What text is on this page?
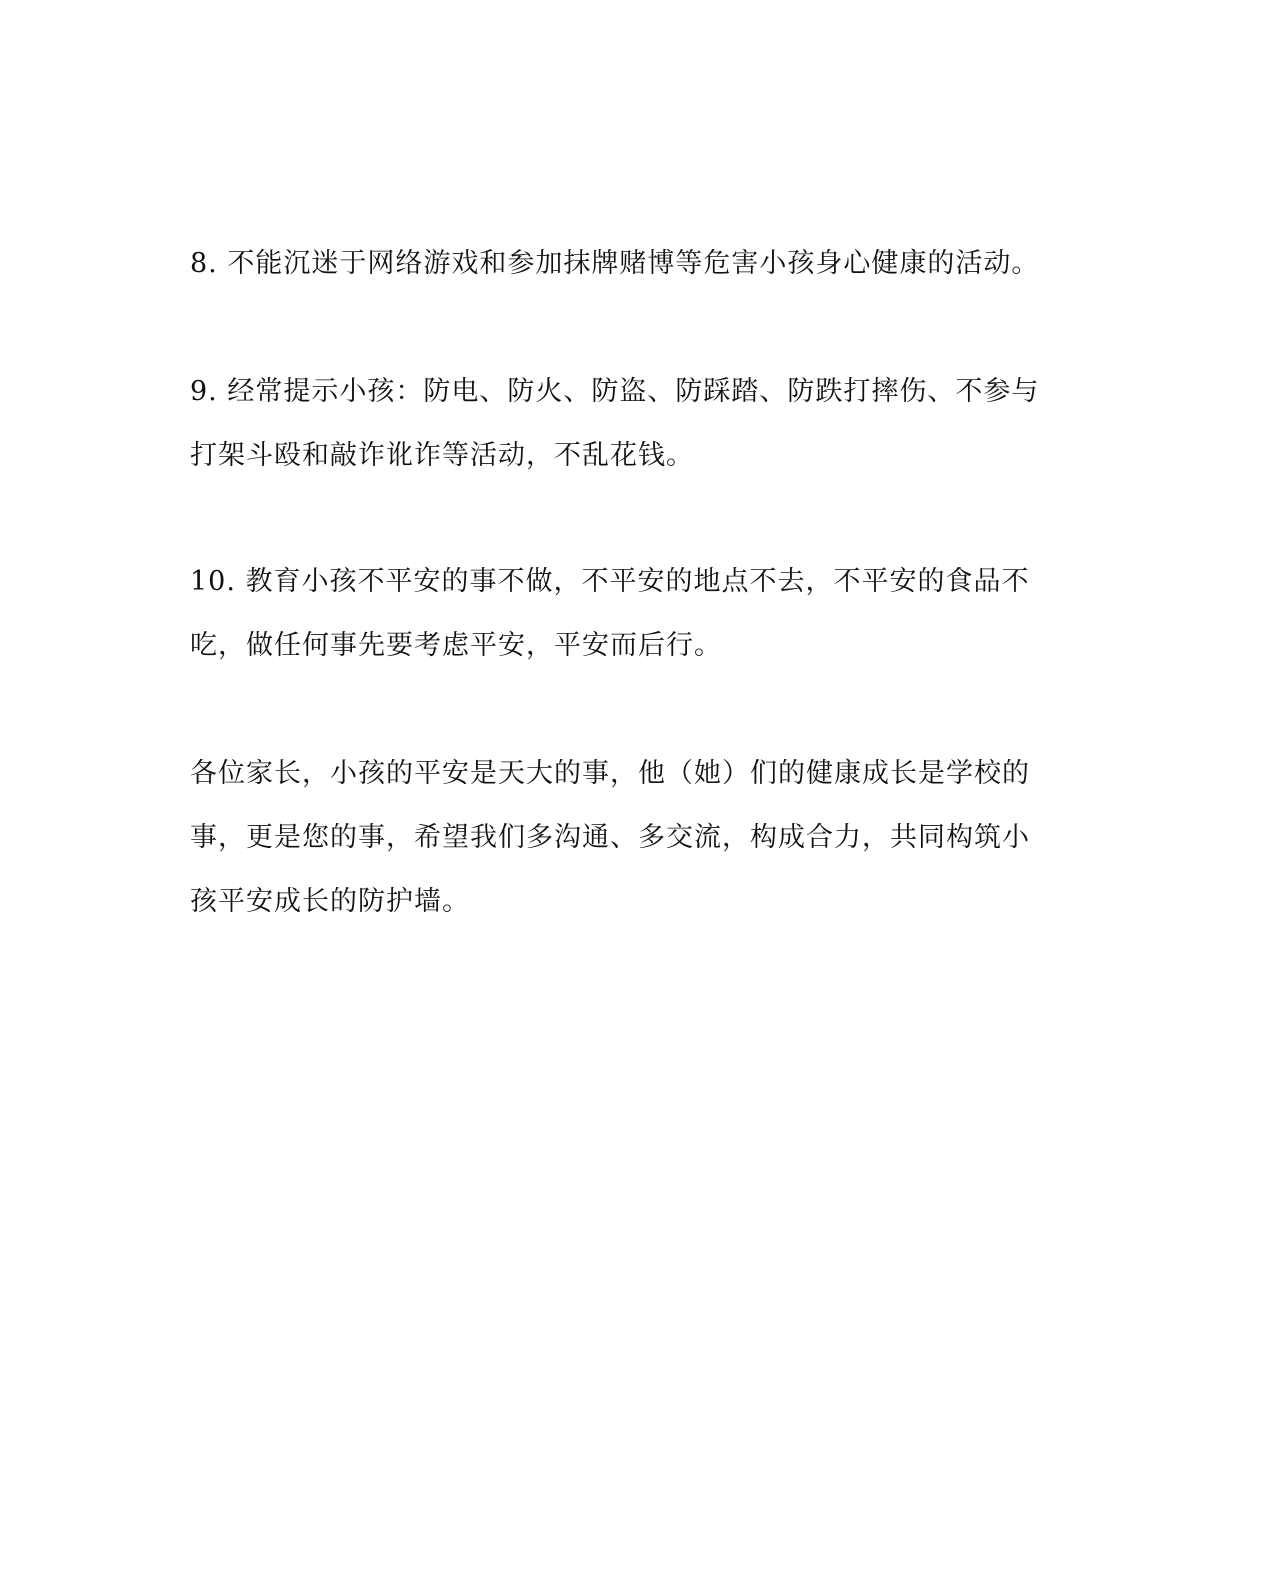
8. 不能沉迷于网络游戏和参加抹牌赌博等危害小孩身心健康的活动。

9. 经常提示小孩：防电、防火、防盗、防踩踏、防跌打摔伤、不参与
打架斗殴和敲诈讹诈等活动，不乱花钱。

10. 教育小孩不平安的事不做，不平安的地点不去，不平安的食品不
吃，做任何事先要考虑平安，平安而后行。

各位家长，小孩的平安是天大的事，他（她）们的健康成长是学校的
事，更是您的事，希望我们多沟通、多交流，构成合力，共同构筑小
孩平安成长的防护墙。
